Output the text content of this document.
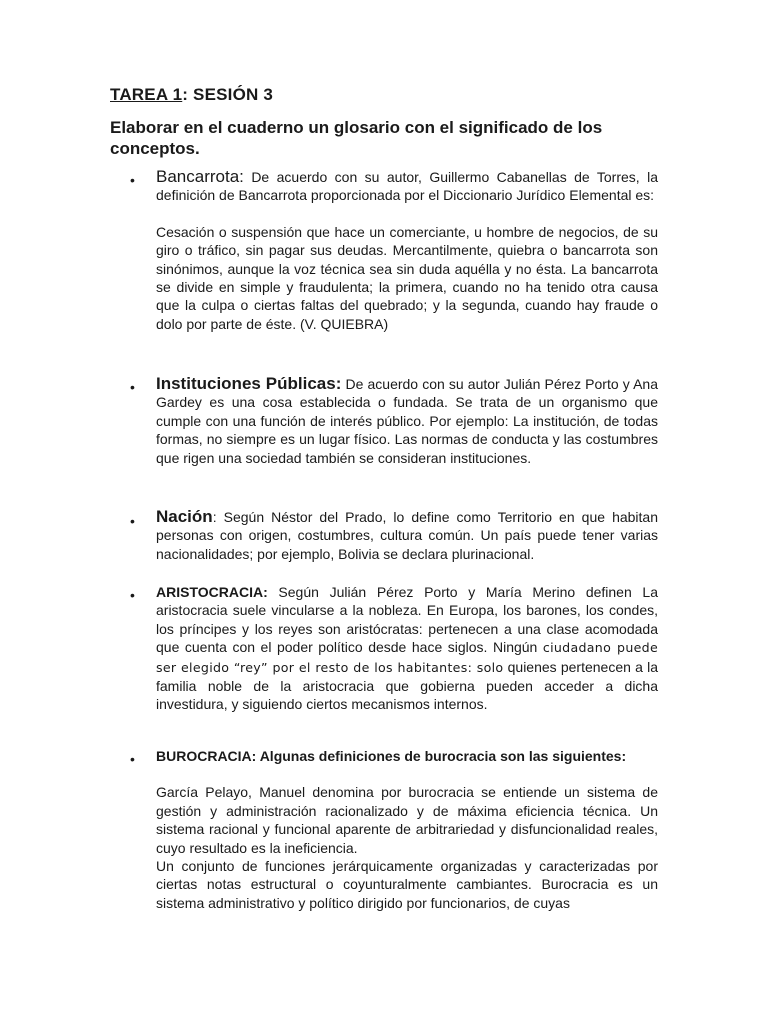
TAREA 1: SESIÓN 3
Elaborar en el cuaderno un glosario con el significado de los conceptos.
• Bancarrota: De acuerdo con su autor, Guillermo Cabanellas de Torres, la definición de Bancarrota proporcionada por el Diccionario Jurídico Elemental es:

Cesación o suspensión que hace un comerciante, u hombre de negocios, de su giro o tráfico, sin pagar sus deudas. Mercantilmente, quiebra o bancarrota son sinónimos, aunque la voz técnica sea sin duda aquélla y no ésta. La bancarrota se divide en simple y fraudulenta; la primera, cuando no ha tenido otra causa que la culpa o ciertas faltas del quebrado; y la segunda, cuando hay fraude o dolo por parte de éste. (V. QUIEBRA)

• Instituciones Públicas: De acuerdo con su autor Julián Pérez Porto y Ana Gardey es una cosa establecida o fundada. Se trata de un organismo que cumple con una función de interés público. Por ejemplo: La institución, de todas formas, no siempre es un lugar físico. Las normas de conducta y las costumbres que rigen una sociedad también se consideran instituciones.

• Nación: Según Néstor del Prado, lo define como Territorio en que habitan personas con origen, costumbres, cultura común. Un país puede tener varias nacionalidades; por ejemplo, Bolivia se declara plurinacional.

• ARISTOCRACIA: Según Julián Pérez Porto y María Merino definen La aristocracia suele vincularse a la nobleza. En Europa, los barones, los condes, los príncipes y los reyes son aristócratas: pertenecen a una clase acomodada que cuenta con el poder político desde hace siglos. Ningún ciudadano puede ser elegido “rey” por el resto de los habitantes: solo quienes pertenecen a la familia noble de la aristocracia que gobierna pueden acceder a dicha investidura, y siguiendo ciertos mecanismos internos.

• BUROCRACIA: Algunas definiciones de burocracia son las siguientes:

García Pelayo, Manuel denomina por burocracia se entiende un sistema de gestión y administración racionalizado y de máxima eficiencia técnica. Un sistema racional y funcional aparente de arbitrariedad y disfuncionalidad reales, cuyo resultado es la ineficiencia.

Un conjunto de funciones jerárquicamente organizadas y caracterizadas por ciertas notas estructural o coyunturalmente cambiantes. Burocracia es un sistema administrativo y político dirigido por funcionarios, de cuyas
